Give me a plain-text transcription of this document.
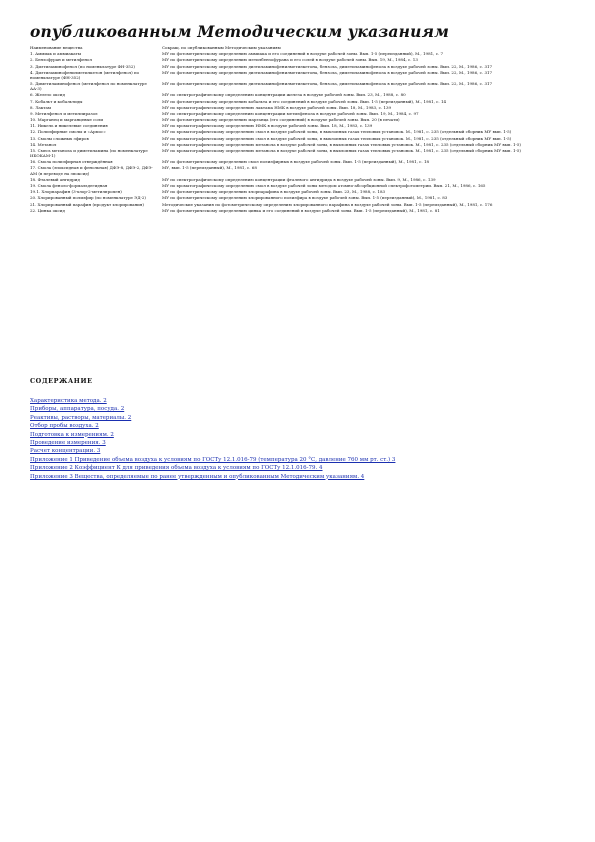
опубликованным Методическим указаниям
Наименование вещества	Сокращ. по опубликованным Методическим указаниям
1. Аммиак и аммиакаты	МУ по фотометрическому определению аммиака и его соединений в воздухе рабочей зоны. Вып. 1-5 (переизданный), М., 1981, с. 7
2. Бензофуран и метилфенол	МУ по фотометрическому определению метилбензофурана и его солей в воздухе рабочей зоны. Вып. 19, М., 1984, с. 13
3. Диэтиламинофенол (по номенклатуре ФН-352)	МУ по фотометрическому определению диэтиламинофенилметилкетона, бензола, диметиламинофенола в воздухе рабочей зоны. Вып. 22, М., 1986, с. 317
4. Диэтиламинофенилметилкетон (метилфенол) по номенклатуре (ФН-352)	МУ по фотометрическому определению диэтиламинофенилметилкетона, бензола, диметиламинофенола в воздухе рабочей зоны. Вып. 22, М., 1986, с. 317
5. Диметиламинофенол (метилфенол по номенклатуре АА-3)	МУ по фотометрическому определению диэтиламинофенилметилкетона, бензола, диметиламинофенола в воздухе рабочей зоны. Вып. 22, М., 1986, с. 317
6. Железо оксид	МУ по спектрографическому определению концентрации железа в воздухе рабочей зоны. Вып. 23, М., 1988, с. 80
7. Кобальт и кобальтиды	МУ по фотометрическому определению кобальта и его соединений в воздухе рабочей зоны. Вып. 1-5 (переизданный), М., 1981, с. 14
8. Лактам	МУ по хроматографическому определению лактама НМК в воздухе рабочей зоны. Вып. 18, М., 1983, с. 139
9. Метилфенол и метилпиразол	МУ по спектрографическому определению концентрации метилфенола в воздухе рабочей зоны. Вып. 19, М., 1984, с. 97
10. Марганец и марганцевые соли	МУ по фотометрическому определению марганца (его соединений) в воздухе рабочей зоны. Вып. 20 (в печати)
11. Никель и никелевые соединения	МУ по хроматографическому определению НМК в воздухе рабочей зоны. Вып. 18, М., 1983, с. 139
12. Полиэфирные смолы и «Армос»	МУ по хроматографическому определению смол в воздухе рабочей зоны, в выхлопных газах тепловых установок. М., 1981, с. 235 (отдельный сборник МУ вып. 1-5)
13. Смолы сложных эфиров	МУ по хроматографическому определению смол в воздухе рабочей зоны, в выхлопных газах тепловых установок. М., 1981, с. 235 (отдельный сборник МУ вып. 1-5)
14. Метанол	МУ по хроматографическому определению метанола в воздухе рабочей зоны, в выхлопных газах тепловых установок. М., 1981, с. 235 (отдельный сборник МУ вып. 1-5)
15. Смесь метанола и диметиламина (по номенклатуре ИБОКАМ-1)	МУ по хроматографическому определению метанола в воздухе рабочей зоны, в выхлопных газах тепловых установок. М., 1981, с. 235 (отдельный сборник МУ вып. 1-5)
16. Смола полиэфирная отверждённая	МУ по фотометрическому определению смол полиэфирных в воздухе рабочей зоны. Вып. 1-5 (переизданный), М., 1981, с. 18
17. Смола (эпоксидная и фенольная) ДФЭ-8, ДФЭ-2, ДФЭ-АМ (в переводе на эпоксид)	МУ, вып. 1-5 (переизданный), М., 1981, с. 68
18. Фталевый ангидрид	МУ по спектрографическому определению концентрации фталевого ангидрида в воздухе рабочей зоны. Вып. 9, М., 1986, с. 139
19. Смола феноло-формальдегидная	МУ по хроматографическому определению смол в воздухе рабочей зоны методом атомно-абсорбционной спектрофотометрии. Вып. 21, М., 1986, с. 165
19.1. Хлорпарафин (3-хлор-2-метилпропен)	МУ по фотометрическому определению хлорпарафина в воздухе рабочей зоны. Вып. 23, М., 1988, с. 183
20. Хлорированный полиэфир (по номенклатуре ЭД-2)	МУ по фотометрическому определению хлорированного полиэфира в воздухе рабочей зоны. Вып. 1-5 (переизданный), М., 1981, с. 83
21. Хлорированный парафин (продукт хлорирования)	Методические указания по фотометрическому определению хлорированного парафина в воздухе рабочей зоны. Вып. 1-5 (переизданный), М., 1981, с. 176
22. Цинка оксид	МУ по фотометрическому определению цинка и его соединений в воздухе рабочей зоны. Вып. 1-5 (переизданный), М., 1981, с. 81
СОДЕРЖАНИЕ
Характеристика метода. 2
Приборы, аппаратура, посуда. 2
Реактивы, растворы, материалы. 2
Отбор пробы воздуха. 2
Подготовка к измерениям. 2
Проведение измерения. 3
Расчет концентрации. 3
Приложение 1 Приведение объема воздуха к условиям по ГОСТу 12.1.016-79 (температура 20 °С, давление 760 мм рт. ст.) 3
Приложение 2 Коэффициент К для приведения объема воздуха к условиям по ГОСТу 12.1.016-79. 4
Приложение 3 Вещества, определяемые по ранее утвержденным и опубликованным Методическим указаниям. 4
